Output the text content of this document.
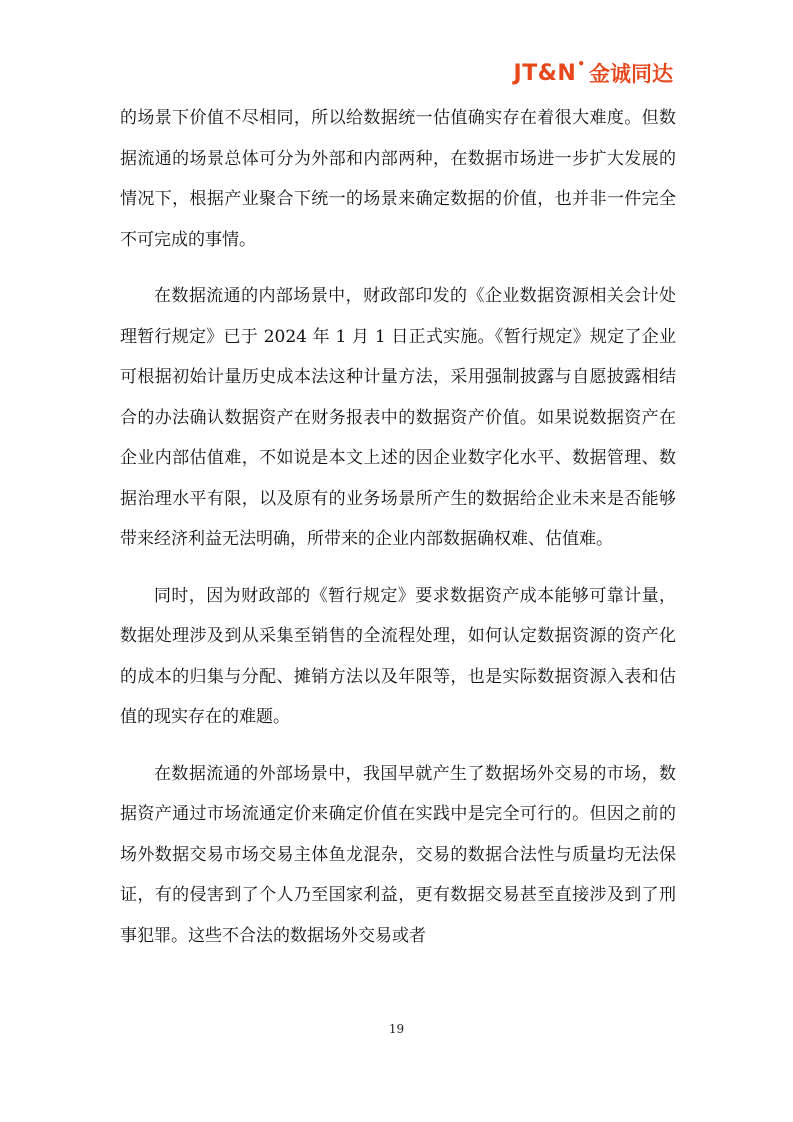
JT&N • 金诚同达

的场景下价值不尽相同，所以给数据统一估值确实存在着很大难度。但数据流通的场景总体可分为外部和内部两种，在数据市场进一步扩大发展的情况下，根据产业聚合下统一的场景来确定数据的价值，也并非一件完全不可完成的事情。

在数据流通的内部场景中，财政部印发的《企业数据资源相关会计处理暂行规定》已于 2024 年 1 月 1 日正式实施。《暂行规定》规定了企业可根据初始计量历史成本法这种计量方法，采用强制披露与自愿披露相结合的办法确认数据资产在财务报表中的数据资产价值。如果说数据资产在企业内部估值难，不如说是本文上述的因企业数字化水平、数据管理、数据治理水平有限，以及原有的业务场景所产生的数据给企业未来是否能够带来经济利益无法明确，所带来的企业内部数据确权难、估值难。

同时，因为财政部的《暂行规定》要求数据资产成本能够可靠计量，数据处理涉及到从采集至销售的全流程处理，如何认定数据资源的资产化的成本的归集与分配、摊销方法以及年限等，也是实际数据资源入表和估值的现实存在的难题。

在数据流通的外部场景中，我国早就产生了数据场外交易的市场，数据资产通过市场流通定价来确定价值在实践中是完全可行的。但因之前的场外数据交易市场交易主体鱼龙混杂，交易的数据合法性与质量均无法保证，有的侵害到了个人乃至国家利益，更有数据交易甚至直接涉及到了刑事犯罪。这些不合法的数据场外交易或者

19
